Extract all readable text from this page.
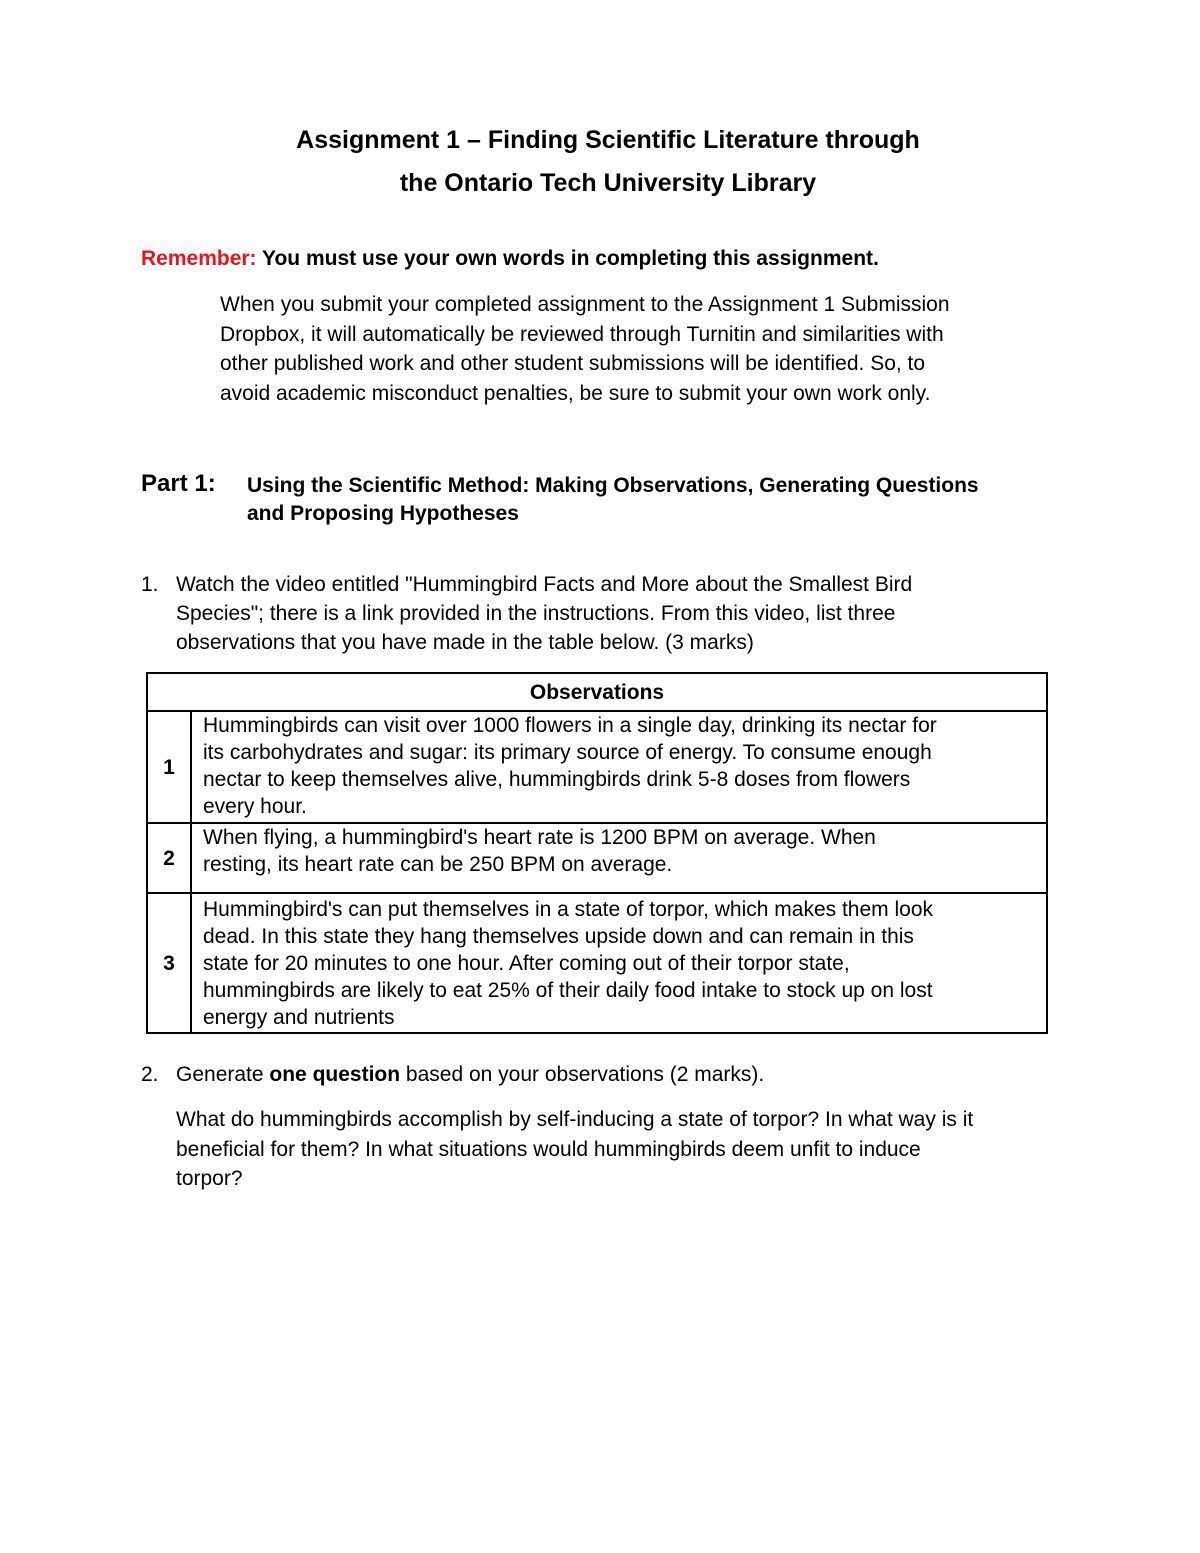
Assignment 1 – Finding Scientific Literature through
the Ontario Tech University Library
Remember: You must use your own words in completing this assignment.
When you submit your completed assignment to the Assignment 1 Submission
Dropbox, it will automatically be reviewed through Turnitin and similarities with
other published work and other student submissions will be identified. So, to
avoid academic misconduct penalties, be sure to submit your own work only.
Part 1: Using the Scientific Method: Making Observations, Generating Questions
and Proposing Hypotheses
1. Watch the video entitled "Hummingbird Facts and More about the Smallest Bird
Species"; there is a link provided in the instructions. From this video, list three
observations that you have made in the table below. (3 marks)
Observations	
1	Hummingbirds can visit over 1000 flowers in a single day, drinking its nectar for
its carbohydrates and sugar: its primary source of energy. To consume enough
nectar to keep themselves alive, hummingbirds drink 5-8 doses from flowers
every hour.

2	When flying, a hummingbird's heart rate is 1200 BPM on average. When
resting, its heart rate can be 250 BPM on average.

3	Hummingbird's can put themselves in a state of torpor, which makes them look
dead. In this state they hang themselves upside down and can remain in this
state for 20 minutes to one hour. After coming out of their torpor state,
hummingbirds are likely to eat 25% of their daily food intake to stock up on lost
energy and nutrients
2. Generate one question based on your observations (2 marks).
What do hummingbirds accomplish by self-inducing a state of torpor? In what way is it
beneficial for them? In what situations would hummingbirds deem unfit to induce
torpor?
